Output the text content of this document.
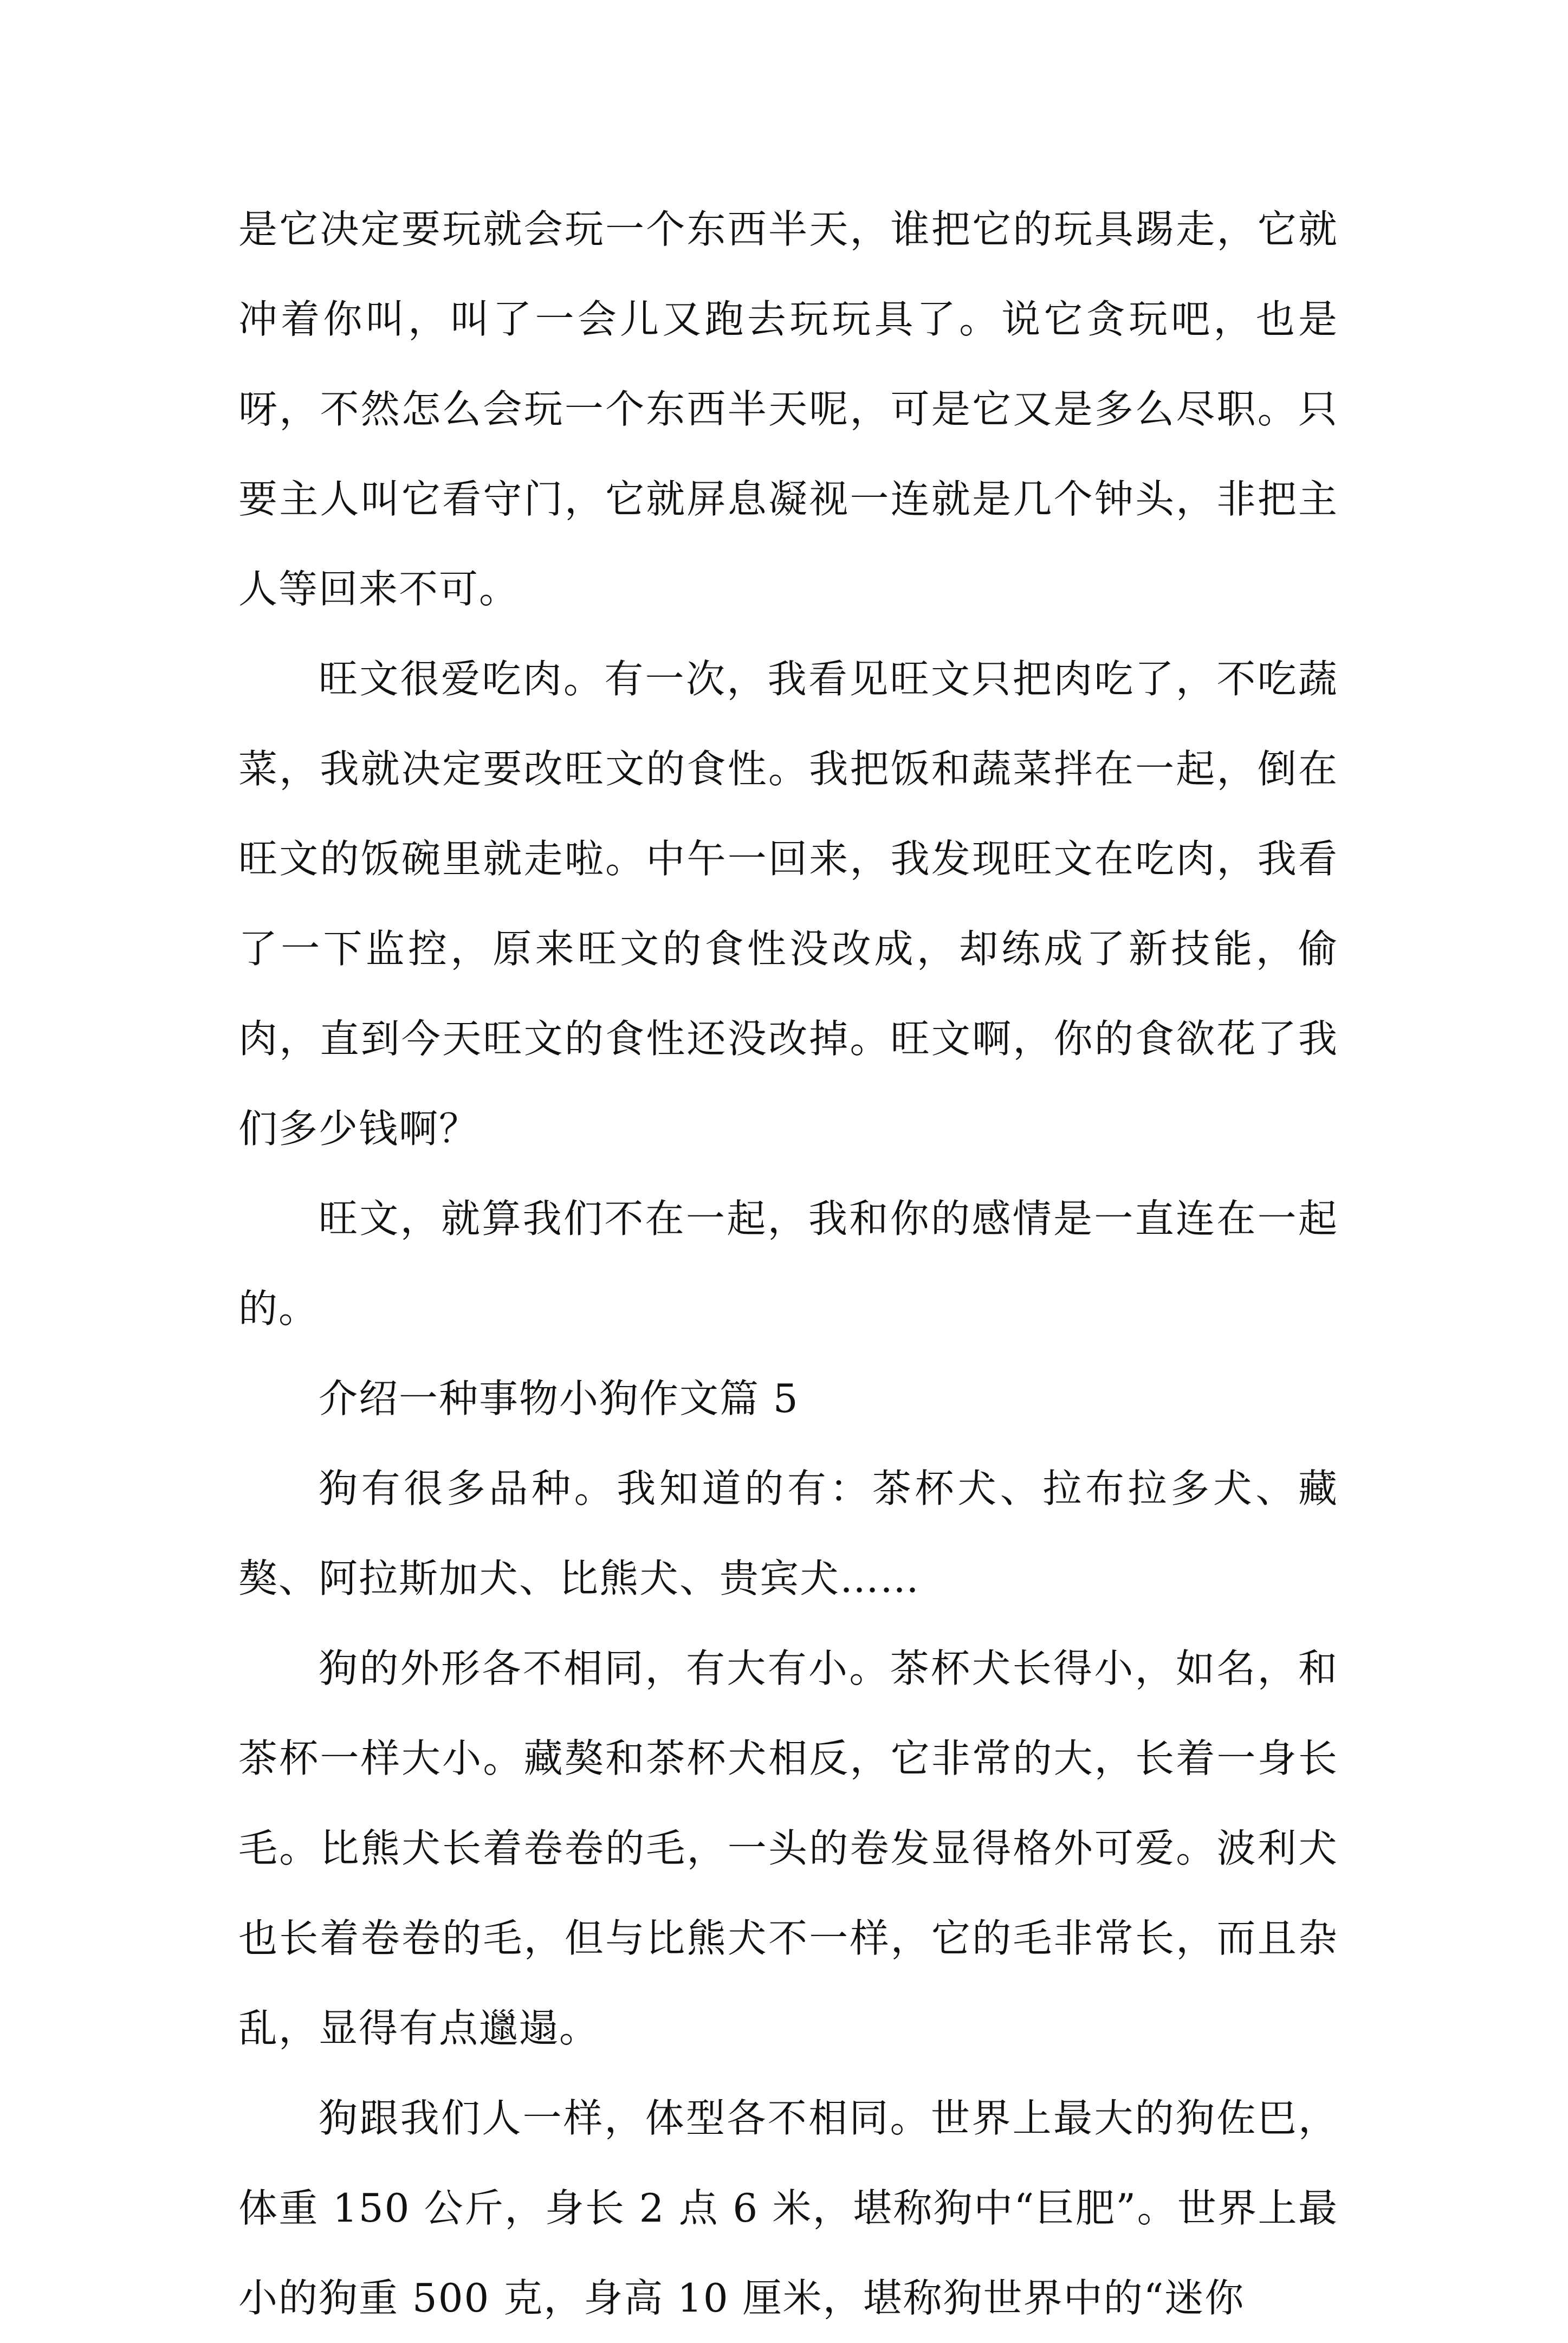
是它决定要玩就会玩一个东西半天，谁把它的玩具踢走，它就冲着你叫，叫了一会儿又跑去玩玩具了。说它贪玩吧，也是呀，不然怎么会玩一个东西半天呢，可是它又是多么尽职。只要主人叫它看守门，它就屏息凝视一连就是几个钟头，非把主人等回来不可。

旺文很爱吃肉。有一次，我看见旺文只把肉吃了，不吃蔬菜，我就决定要改旺文的食性。我把饭和蔬菜拌在一起，倒在旺文的饭碗里就走啦。中午一回来，我发现旺文在吃肉，我看了一下监控，原来旺文的食性没改成，却练成了新技能，偷肉，直到今天旺文的食性还没改掉。旺文啊，你的食欲花了我们多少钱啊？

旺文，就算我们不在一起，我和你的感情是一直连在一起的。

介绍一种事物小狗作文篇 5

狗有很多品种。我知道的有：茶杯犬、拉布拉多犬、藏獒、阿拉斯加犬、比熊犬、贵宾犬……

狗的外形各不相同，有大有小。茶杯犬长得小，如名，和茶杯一样大小。藏獒和茶杯犬相反，它非常的大，长着一身长毛。比熊犬长着卷卷的毛，一头的卷发显得格外可爱。波利犬也长着卷卷的毛，但与比熊犬不一样，它的毛非常长，而且杂乱，显得有点邋遢。

狗跟我们人一样，体型各不相同。世界上最大的狗佐巴，体重 150 公斤，身长 2 点 6 米，堪称狗中“巨肥”。世界上最小的狗重 500 克，身高 10 厘米，堪称狗世界中的“迷你
